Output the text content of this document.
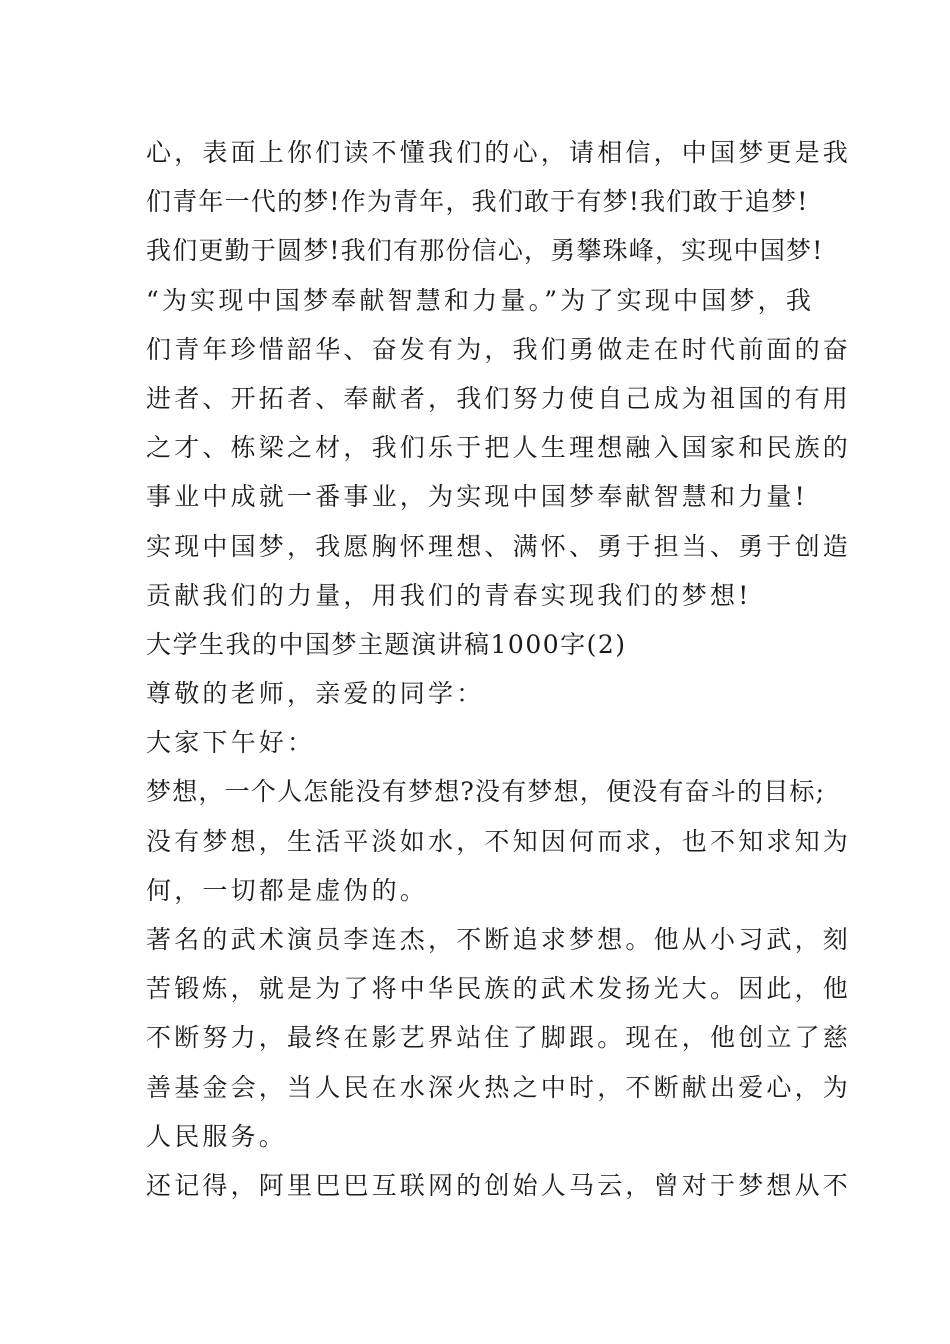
心，表面上你们读不懂我们的心，请相信，中国梦更是我
们青年一代的梦!作为青年，我们敢于有梦!我们敢于追梦!
我们更勤于圆梦!我们有那份信心，勇攀珠峰，实现中国梦!
“为实现中国梦奉献智慧和力量。”为了实现中国梦，我
们青年珍惜韶华、奋发有为，我们勇做走在时代前面的奋
进者、开拓者、奉献者，我们努力使自己成为祖国的有用
之才、栋梁之材，我们乐于把人生理想融入国家和民族的
事业中成就一番事业，为实现中国梦奉献智慧和力量!
实现中国梦，我愿胸怀理想、满怀、勇于担当、勇于创造
贡献我们的力量，用我们的青春实现我们的梦想!
大学生我的中国梦主题演讲稿1000字(2)
尊敬的老师，亲爱的同学：
大家下午好：
梦想，一个人怎能没有梦想?没有梦想，便没有奋斗的目标;
没有梦想，生活平淡如水，不知因何而求，也不知求知为
何，一切都是虚伪的。
著名的武术演员李连杰，不断追求梦想。他从小习武，刻
苦锻炼，就是为了将中华民族的武术发扬光大。因此，他
不断努力，最终在影艺界站住了脚跟。现在，他创立了慈
善基金会，当人民在水深火热之中时，不断献出爱心，为
人民服务。
还记得，阿里巴巴互联网的创始人马云，曾对于梦想从不
